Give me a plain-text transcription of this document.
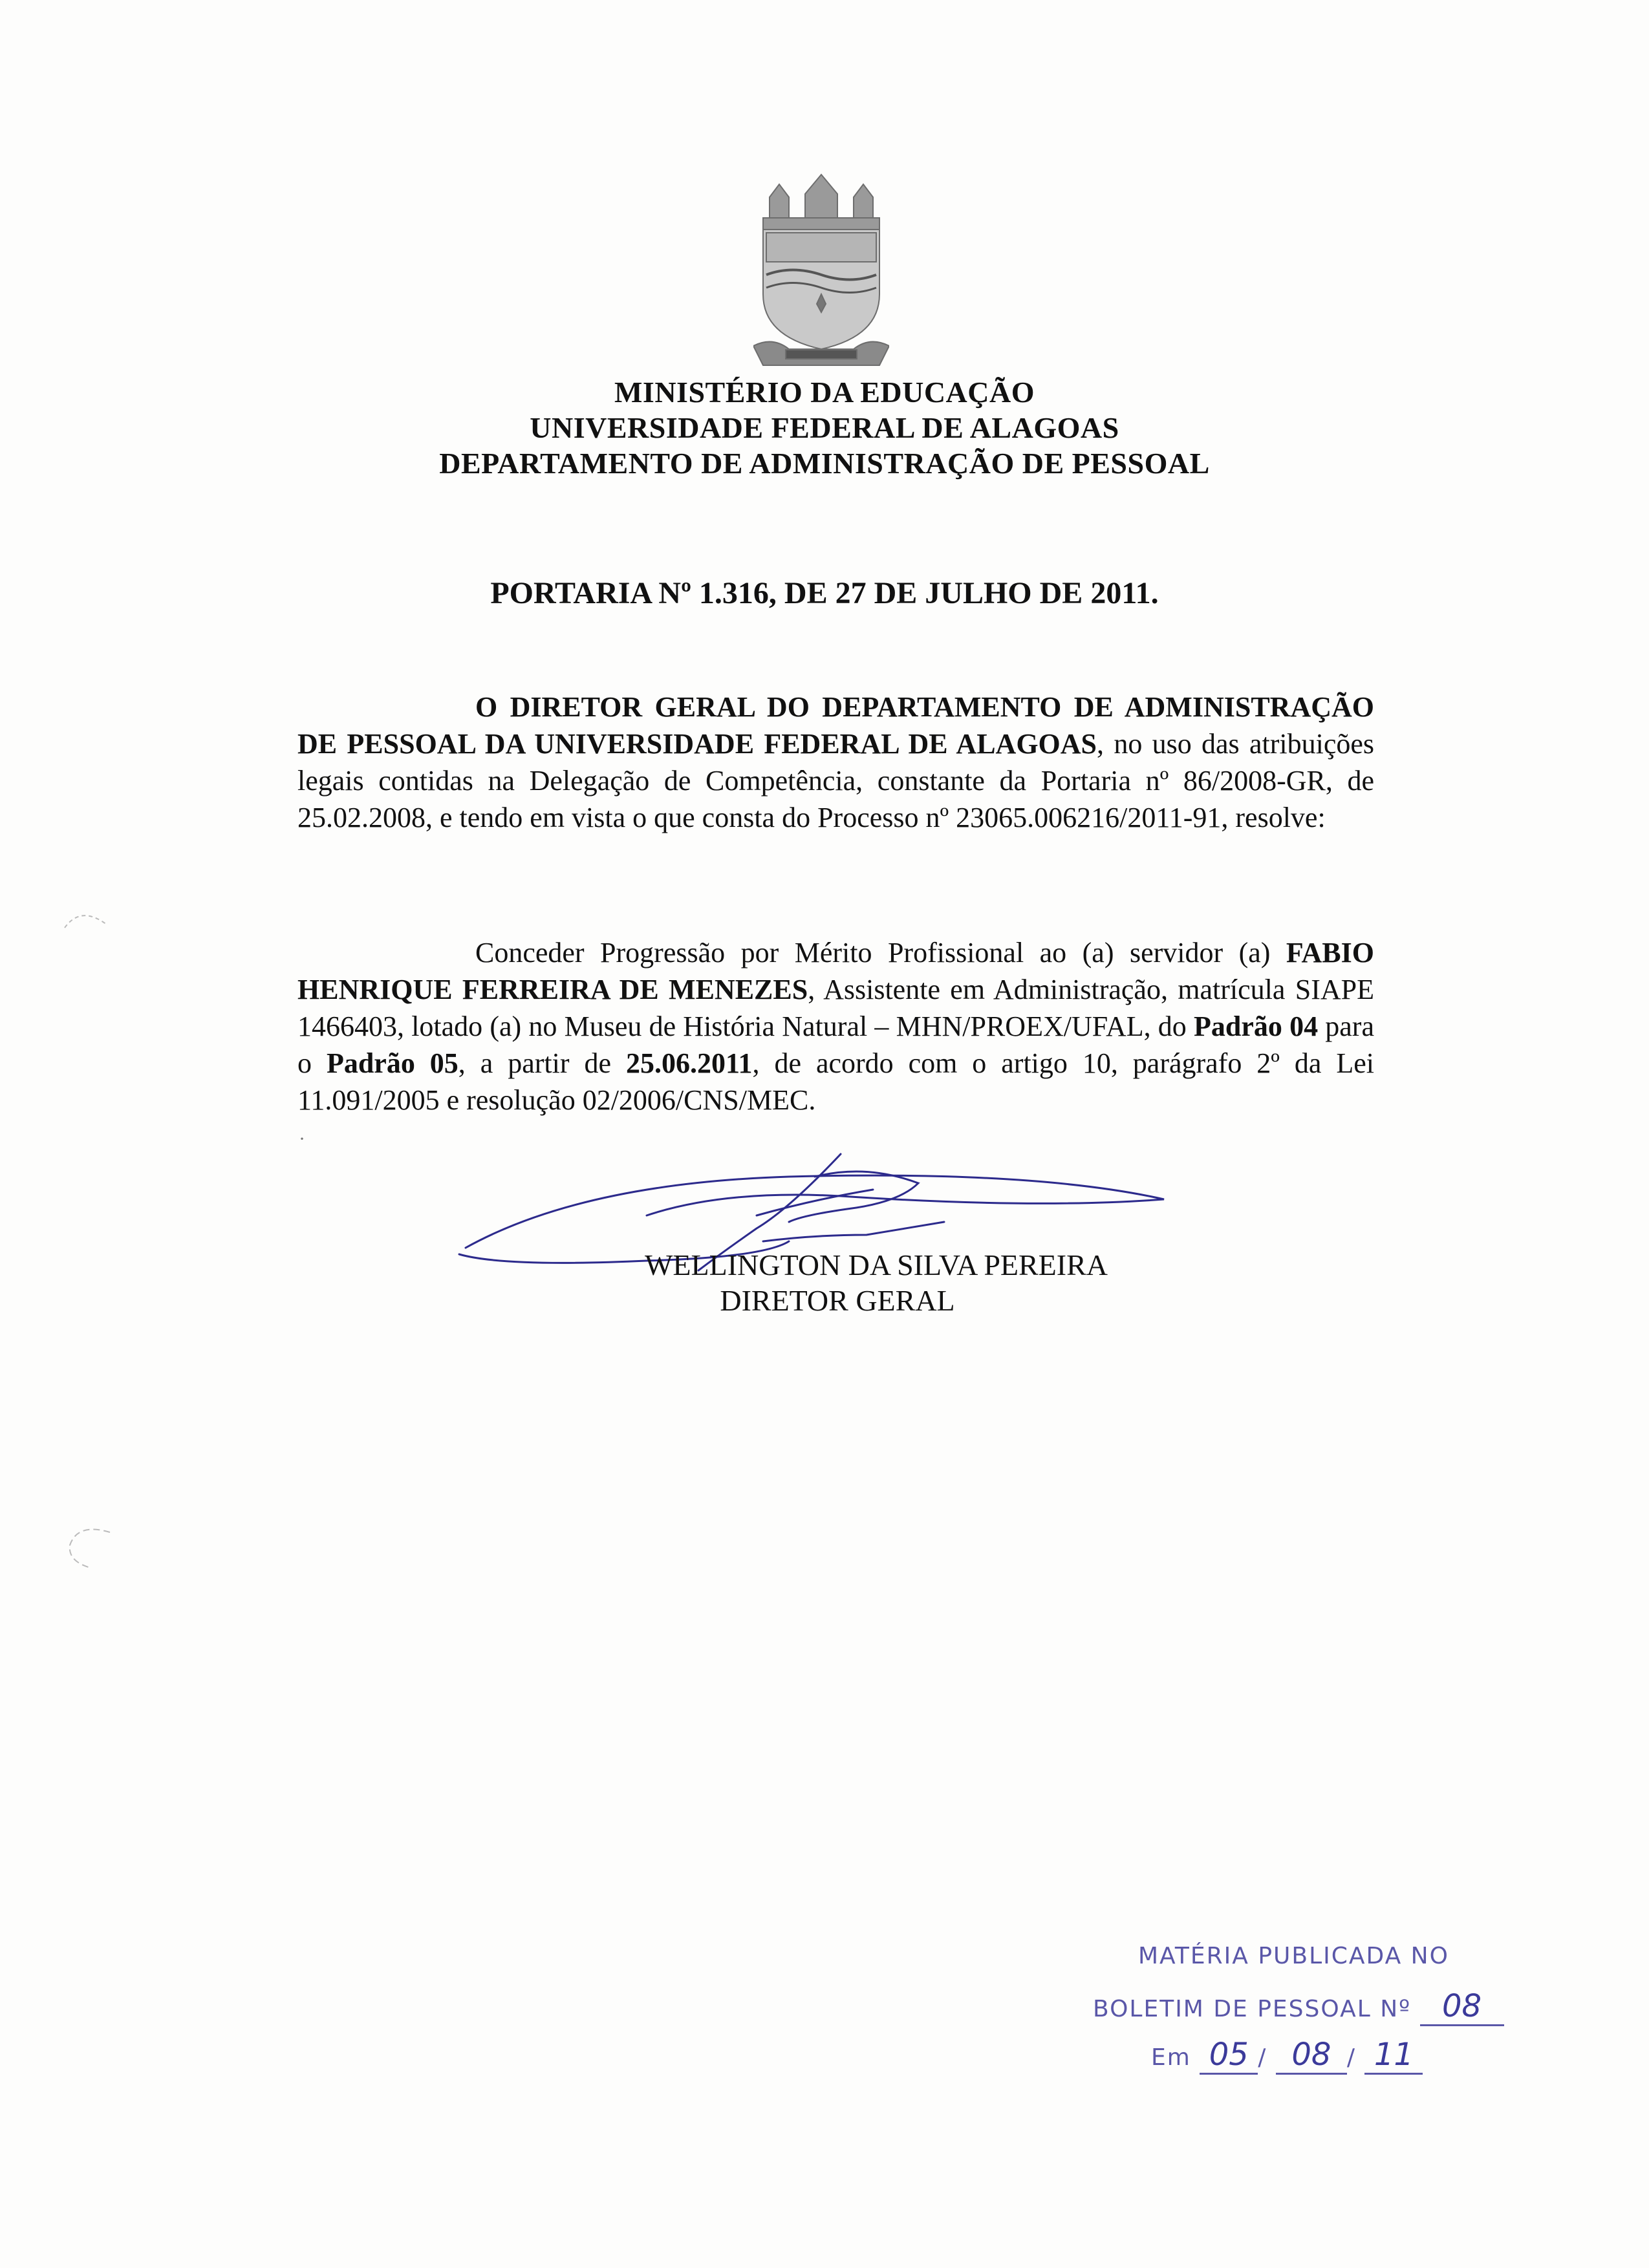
MINISTÉRIO DA EDUCAÇÃO
UNIVERSIDADE FEDERAL DE ALAGOAS
DEPARTAMENTO DE ADMINISTRAÇÃO DE PESSOAL
PORTARIA Nº 1.316, DE 27 DE JULHO DE 2011.
O DIRETOR GERAL DO DEPARTAMENTO DE ADMINISTRAÇÃO DE PESSOAL DA UNIVERSIDADE FEDERAL DE ALAGOAS, no uso das atribuições legais contidas na Delegação de Competência, constante da Portaria nº 86/2008-GR, de 25.02.2008, e tendo em vista o que consta do Processo nº 23065.006216/2011-91, resolve:
Conceder Progressão por Mérito Profissional ao (a) servidor (a) FABIO HENRIQUE FERREIRA DE MENEZES, Assistente em Administração, matrícula SIAPE 1466403, lotado (a) no Museu de História Natural – MHN/PROEX/UFAL, do Padrão 04 para o Padrão 05, a partir de 25.06.2011, de acordo com o artigo 10, parágrafo 2º da Lei 11.091/2005 e resolução 02/2006/CNS/MEC.
·
WELLINGTON DA SILVA PEREIRA
DIRETOR GERAL
MATÉRIA PUBLICADA NO
BOLETIM DE PESSOAL Nº 08
Em 05 / 08 / 11
